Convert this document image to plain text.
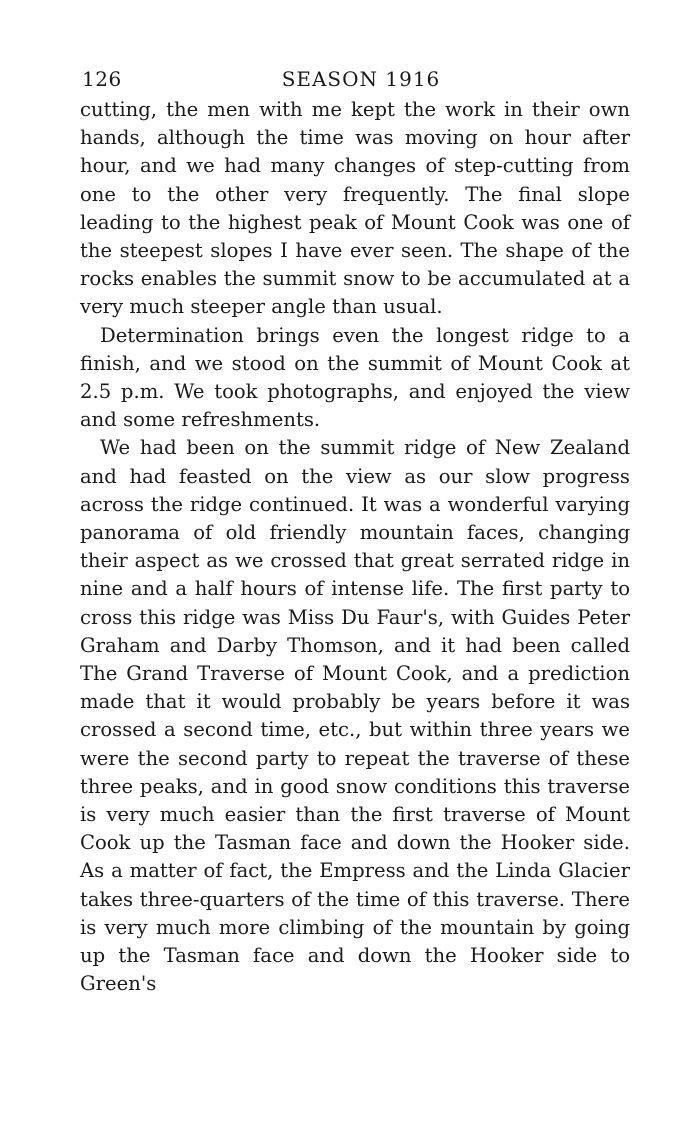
126	SEASON 1916

cutting, the men with me kept the work in their own hands, although the time was moving on hour after hour, and we had many changes of step-cutting from one to the other very frequently. The final slope leading to the highest peak of Mount Cook was one of the steepest slopes I have ever seen. The shape of the rocks enables the summit snow to be accumulated at a very much steeper angle than usual.

Determination brings even the longest ridge to a finish, and we stood on the summit of Mount Cook at 2.5 p.m. We took photographs, and enjoyed the view and some refreshments.

We had been on the summit ridge of New Zealand and had feasted on the view as our slow progress across the ridge continued. It was a wonderful varying panorama of old friendly mountain faces, changing their aspect as we crossed that great serrated ridge in nine and a half hours of intense life. The first party to cross this ridge was Miss Du Faur's, with Guides Peter Graham and Darby Thomson, and it had been called The Grand Traverse of Mount Cook, and a prediction made that it would probably be years before it was crossed a second time, etc., but within three years we were the second party to repeat the traverse of these three peaks, and in good snow conditions this traverse is very much easier than the first traverse of Mount Cook up the Tasman face and down the Hooker side. As a matter of fact, the Empress and the Linda Glacier takes three-quarters of the time of this traverse. There is very much more climbing of the mountain by going up the Tasman face and down the Hooker side to Green's
